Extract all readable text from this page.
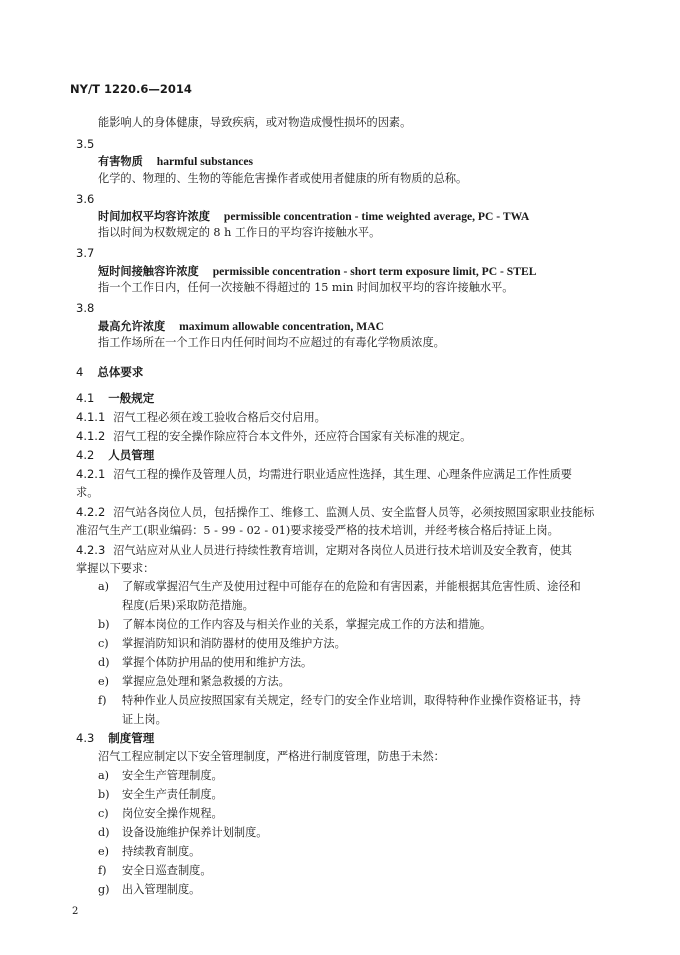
NY/T 1220.6—2014
能影响人的身体健康，导致疾病，或对物造成慢性损坏的因素。
3.5
有害物质 harmful substances
化学的、物理的、生物的等能危害操作者或使用者健康的所有物质的总称。
3.6
时间加权平均容许浓度 permissible concentration - time weighted average, PC - TWA
指以时间为权数规定的 8 h 工作日的平均容许接触水平。
3.7
短时间接触容许浓度 permissible concentration - short term exposure limit, PC - STEL
指一个工作日内，任何一次接触不得超过的 15 min 时间加权平均的容许接触水平。
3.8
最高允许浓度 maximum allowable concentration, MAC
指工作场所在一个工作日内任何时间均不应超过的有毒化学物质浓度。
4 总体要求
4.1 一般规定
4.1.1 沼气工程必须在竣工验收合格后交付启用。
4.1.2 沼气工程的安全操作除应符合本文件外，还应符合国家有关标准的规定。
4.2 人员管理
4.2.1 沼气工程的操作及管理人员，均需进行职业适应性选择，其生理、心理条件应满足工作性质要
求。
4.2.2 沼气站各岗位人员，包括操作工、维修工、监测人员、安全监督人员等，必须按照国家职业技能标
准沼气生产工(职业编码：5 - 99 - 02 - 01)要求接受严格的技术培训，并经考核合格后持证上岗。
4.2.3 沼气站应对从业人员进行持续性教育培训，定期对各岗位人员进行技术培训及安全教育，使其
掌握以下要求：
a)	了解或掌握沼气生产及使用过程中可能存在的危险和有害因素，并能根据其危害性质、途径和
程度(后果)采取防范措施。
b)	了解本岗位的工作内容及与相关作业的关系，掌握完成工作的方法和措施。
c)	掌握消防知识和消防器材的使用及维护方法。
d)	掌握个体防护用品的使用和维护方法。
e)	掌握应急处理和紧急救援的方法。
f)	特种作业人员应按照国家有关规定，经专门的安全作业培训，取得特种作业操作资格证书，持
证上岗。
4.3 制度管理
沼气工程应制定以下安全管理制度，严格进行制度管理，防患于未然：
a)	安全生产管理制度。
b)	安全生产责任制度。
c)	岗位安全操作规程。
d)	设备设施维护保养计划制度。
e)	持续教育制度。
f)	安全日巡查制度。
g)	出入管理制度。
2
